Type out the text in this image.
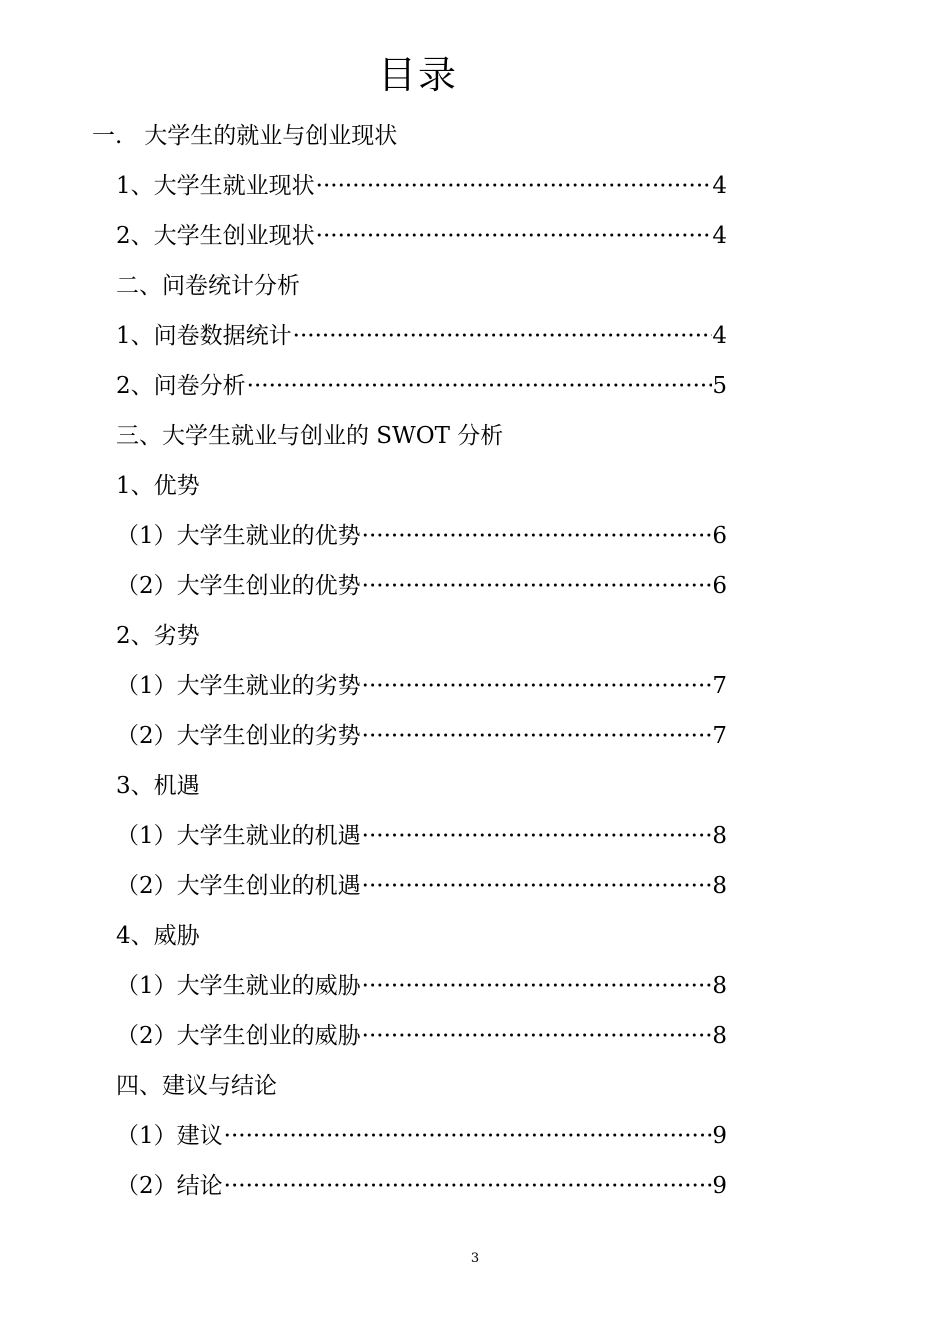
目录
一.   大学生的就业与创业现状
1、大学生就业现状 ·····	4
2、大学生创业现状 ·····	4
二、问卷统计分析
1、问卷数据统计 ·····	4
2、问卷分析 ·····	5
三、大学生就业与创业的 SWOT 分析
1、优势
（1）大学生就业的优势 ·····	6
（2）大学生创业的优势 ·····	6
2、劣势
（1）大学生就业的劣势 ·····	7
（2）大学生创业的劣势 ·····	7
3、机遇
（1）大学生就业的机遇 ·····	8
（2）大学生创业的机遇 ·····	8
4、威胁
（1）大学生就业的威胁 ·····	8
（2）大学生创业的威胁 ·····	8
四、建议与结论
（1）建议 ·····	9
（2）结论 ·····	9
3
